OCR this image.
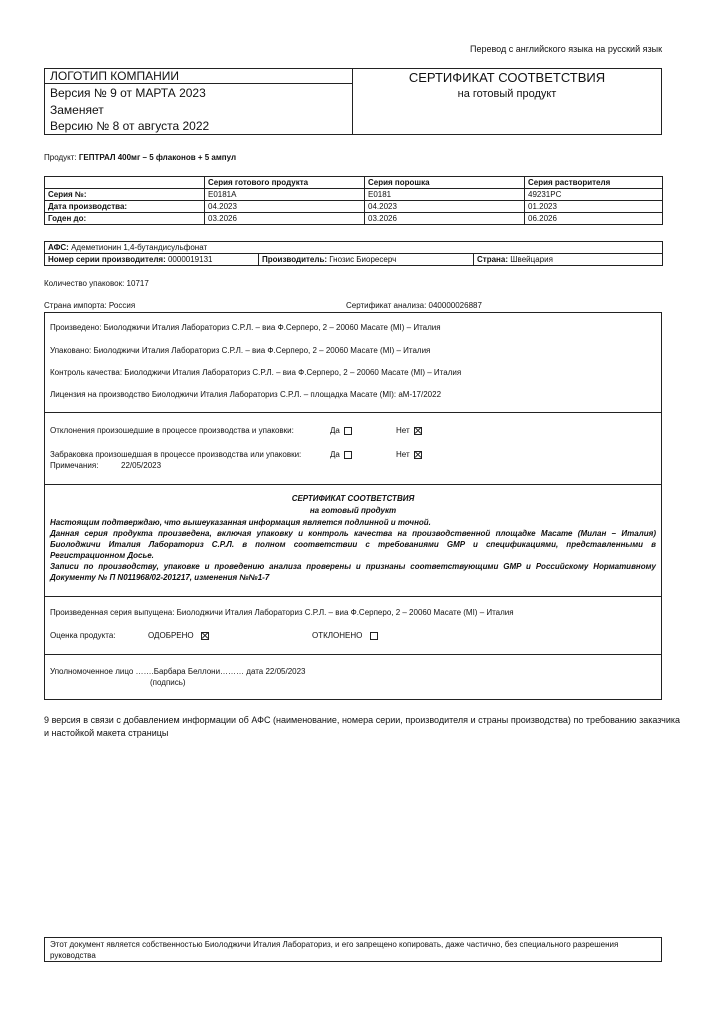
Перевод с английского языка на русский язык
ЛОГОТИП КОМПАНИИ
Версия № 9 от МАРТА 2023
Заменяет
Версию № 8 от августа 2022
СЕРТИФИКАТ СООТВЕТСТВИЯ
на готовый продукт
Продукт: ГЕПТРАЛ 400мг – 5 флаконов + 5 ампул
	Серия готового продукта	Серия порошка	Серия растворителя
Серия №:	E0181A	E0181	49231PC
Дата производства:	04.2023	04.2023	01.2023
Годен до:	03.2026	03.2026	06.2026
АФС: Адеметионин 1,4-бутандисульфонат
Номер серии производителя: 0000019131	Производитель: Гнозис Биоресерч	Страна: Швейцария
Количество упаковок: 10717
Страна импорта: Россия	Сертификат анализа: 040000026887
Произведено: Биолоджичи Италия Лабораториз С.Р.Л. – виа Ф.Серперо, 2 – 20060 Масате (MI) – Италия
Упаковано: Биолоджичи Италия Лабораториз С.Р.Л. – виа Ф.Серперо, 2 – 20060 Масате (MI) – Италия
Контроль качества: Биолоджичи Италия Лабораториз С.Р.Л. – виа Ф.Серперо, 2 – 20060 Масате (MI) – Италия
Лицензия на производство Биолоджичи Италия Лабораториз С.Р.Л. – площадка Масате (MI): aM-17/2022
Отклонения произошедшие в процессе производства и упаковки:	Да	Нет
Забраковка произошедшая в процессе производства или упаковки:	Да	Нет
Примечания:	22/05/2023
СЕРТИФИКАТ СООТВЕТСТВИЯ
на готовый продукт
Настоящим подтверждаю, что вышеуказанная информация является подлинной и точной.
Данная серия продукта произведена, включая упаковку и контроль качества на производственной площадке Масате (Милан – Италия) Биолоджичи Италия Лабораториз С.Р.Л. в полном соответствии с требованиями GMP и спецификациями, представленными в Регистрационном Досье.
Записи по производству, упаковке и проведению анализа проверены и признаны соответствующими GMP и Российскому Нормативному Документу № П N011968/02-201217, изменения №№1-7
Произведенная серия выпущена: Биолоджичи Италия Лабораториз С.Р.Л. – виа Ф.Серперо, 2 – 20060 Масате (MI) – Италия
Оценка продукта:	ОДОБРЕНО	ОТКЛОНЕНО
Уполномоченное лицо …….Барбара Беллони……… дата 22/05/2023
(подпись)
9 версия в связи с добавлением информации об АФС (наименование, номера серии, производителя и страны производства) по требованию заказчика и настойкой макета страницы
Этот документ является собственностью Биолоджичи Италия Лабораториз, и его запрещено копировать, даже частично, без специального разрешения руководства
